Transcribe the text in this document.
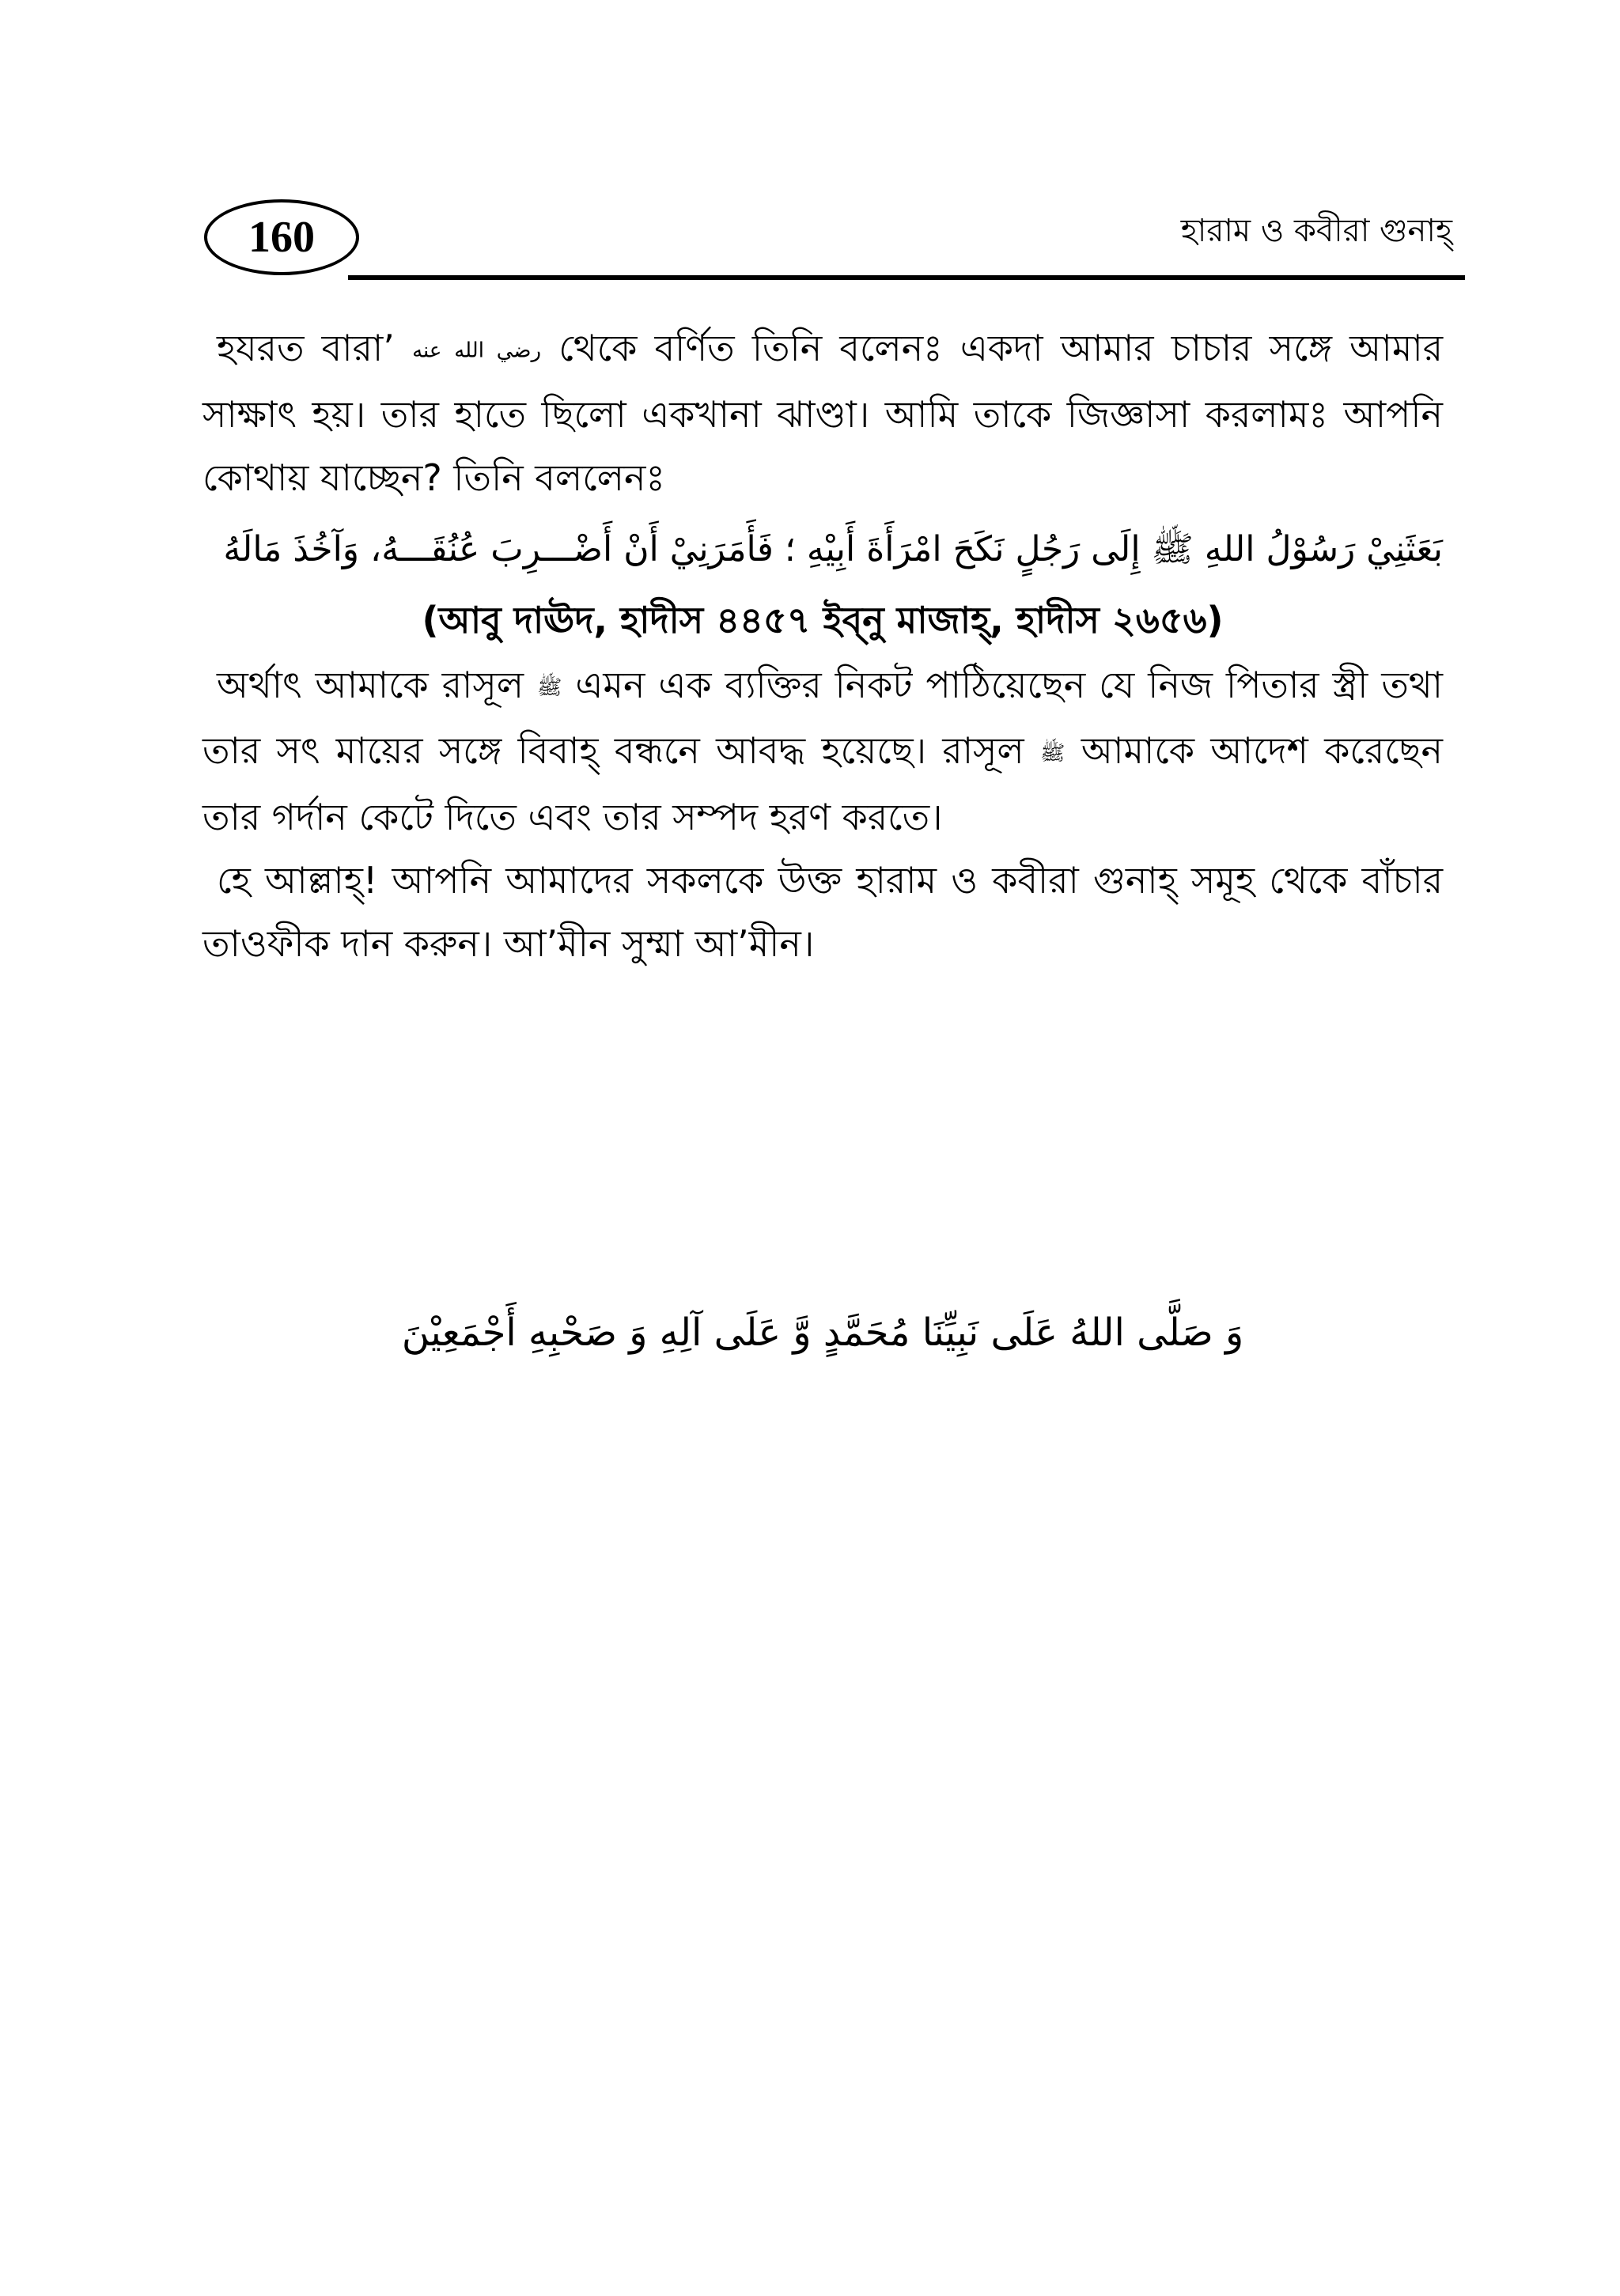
160	হারাম ও কবীরা গুনাহ্

হযরত বারা’ رضي الله عنه থেকে বর্ণিত তিনি বলেনঃ একদা আমার চাচার সঙ্গে আমার সাক্ষাৎ হয়। তার হাতে ছিলো একখানা ঝাণ্ডা। আমি তাকে জিজ্ঞাসা করলামঃ আপনি কোথায় যাচ্ছেন? তিনি বললেনঃ

بَعَثَنِيْ رَسُوْلُ اللهِ ﷺ إِلَى رَجُلٍ نَكَحَ امْرَأَةَ أَبِيْهِ ؛ فَأَمَرَنِيْ أَنْ أَضْـــرِبَ عُنُقَـــهُ، وَآخُذَ مَالَهُ

(আবু দাঊদ, হাদীস ৪৪৫৭ ইব্নু মাজাহ্, হাদীস ২৬৫৬)

অর্থাৎ আমাকে রাসূল ﷺ এমন এক ব্যক্তির নিকট পাঠিয়েছেন যে নিজ পিতার স্ত্রী তথা তার সৎ মায়ের সঙ্গে বিবাহ্ বন্ধনে আবদ্ধ হয়েছে। রাসূল ﷺ আমাকে আদেশ করেছেন তার গর্দান কেটে দিতে এবং তার সম্পদ হরণ করতে।

হে আল্লাহ্! আপনি আমাদের সকলকে উক্ত হারাম ও কবীরা গুনাহ্ সমূহ থেকে বাঁচার তাওফীক দান করুন। আ’মীন সুম্মা আ’মীন।

وَ صَلَّى اللهُ عَلَى نَبِيِّنَا مُحَمَّدٍ وَّ عَلَى آلِهِ وَ صَحْبِهِ أَجْمَعِيْنَ
